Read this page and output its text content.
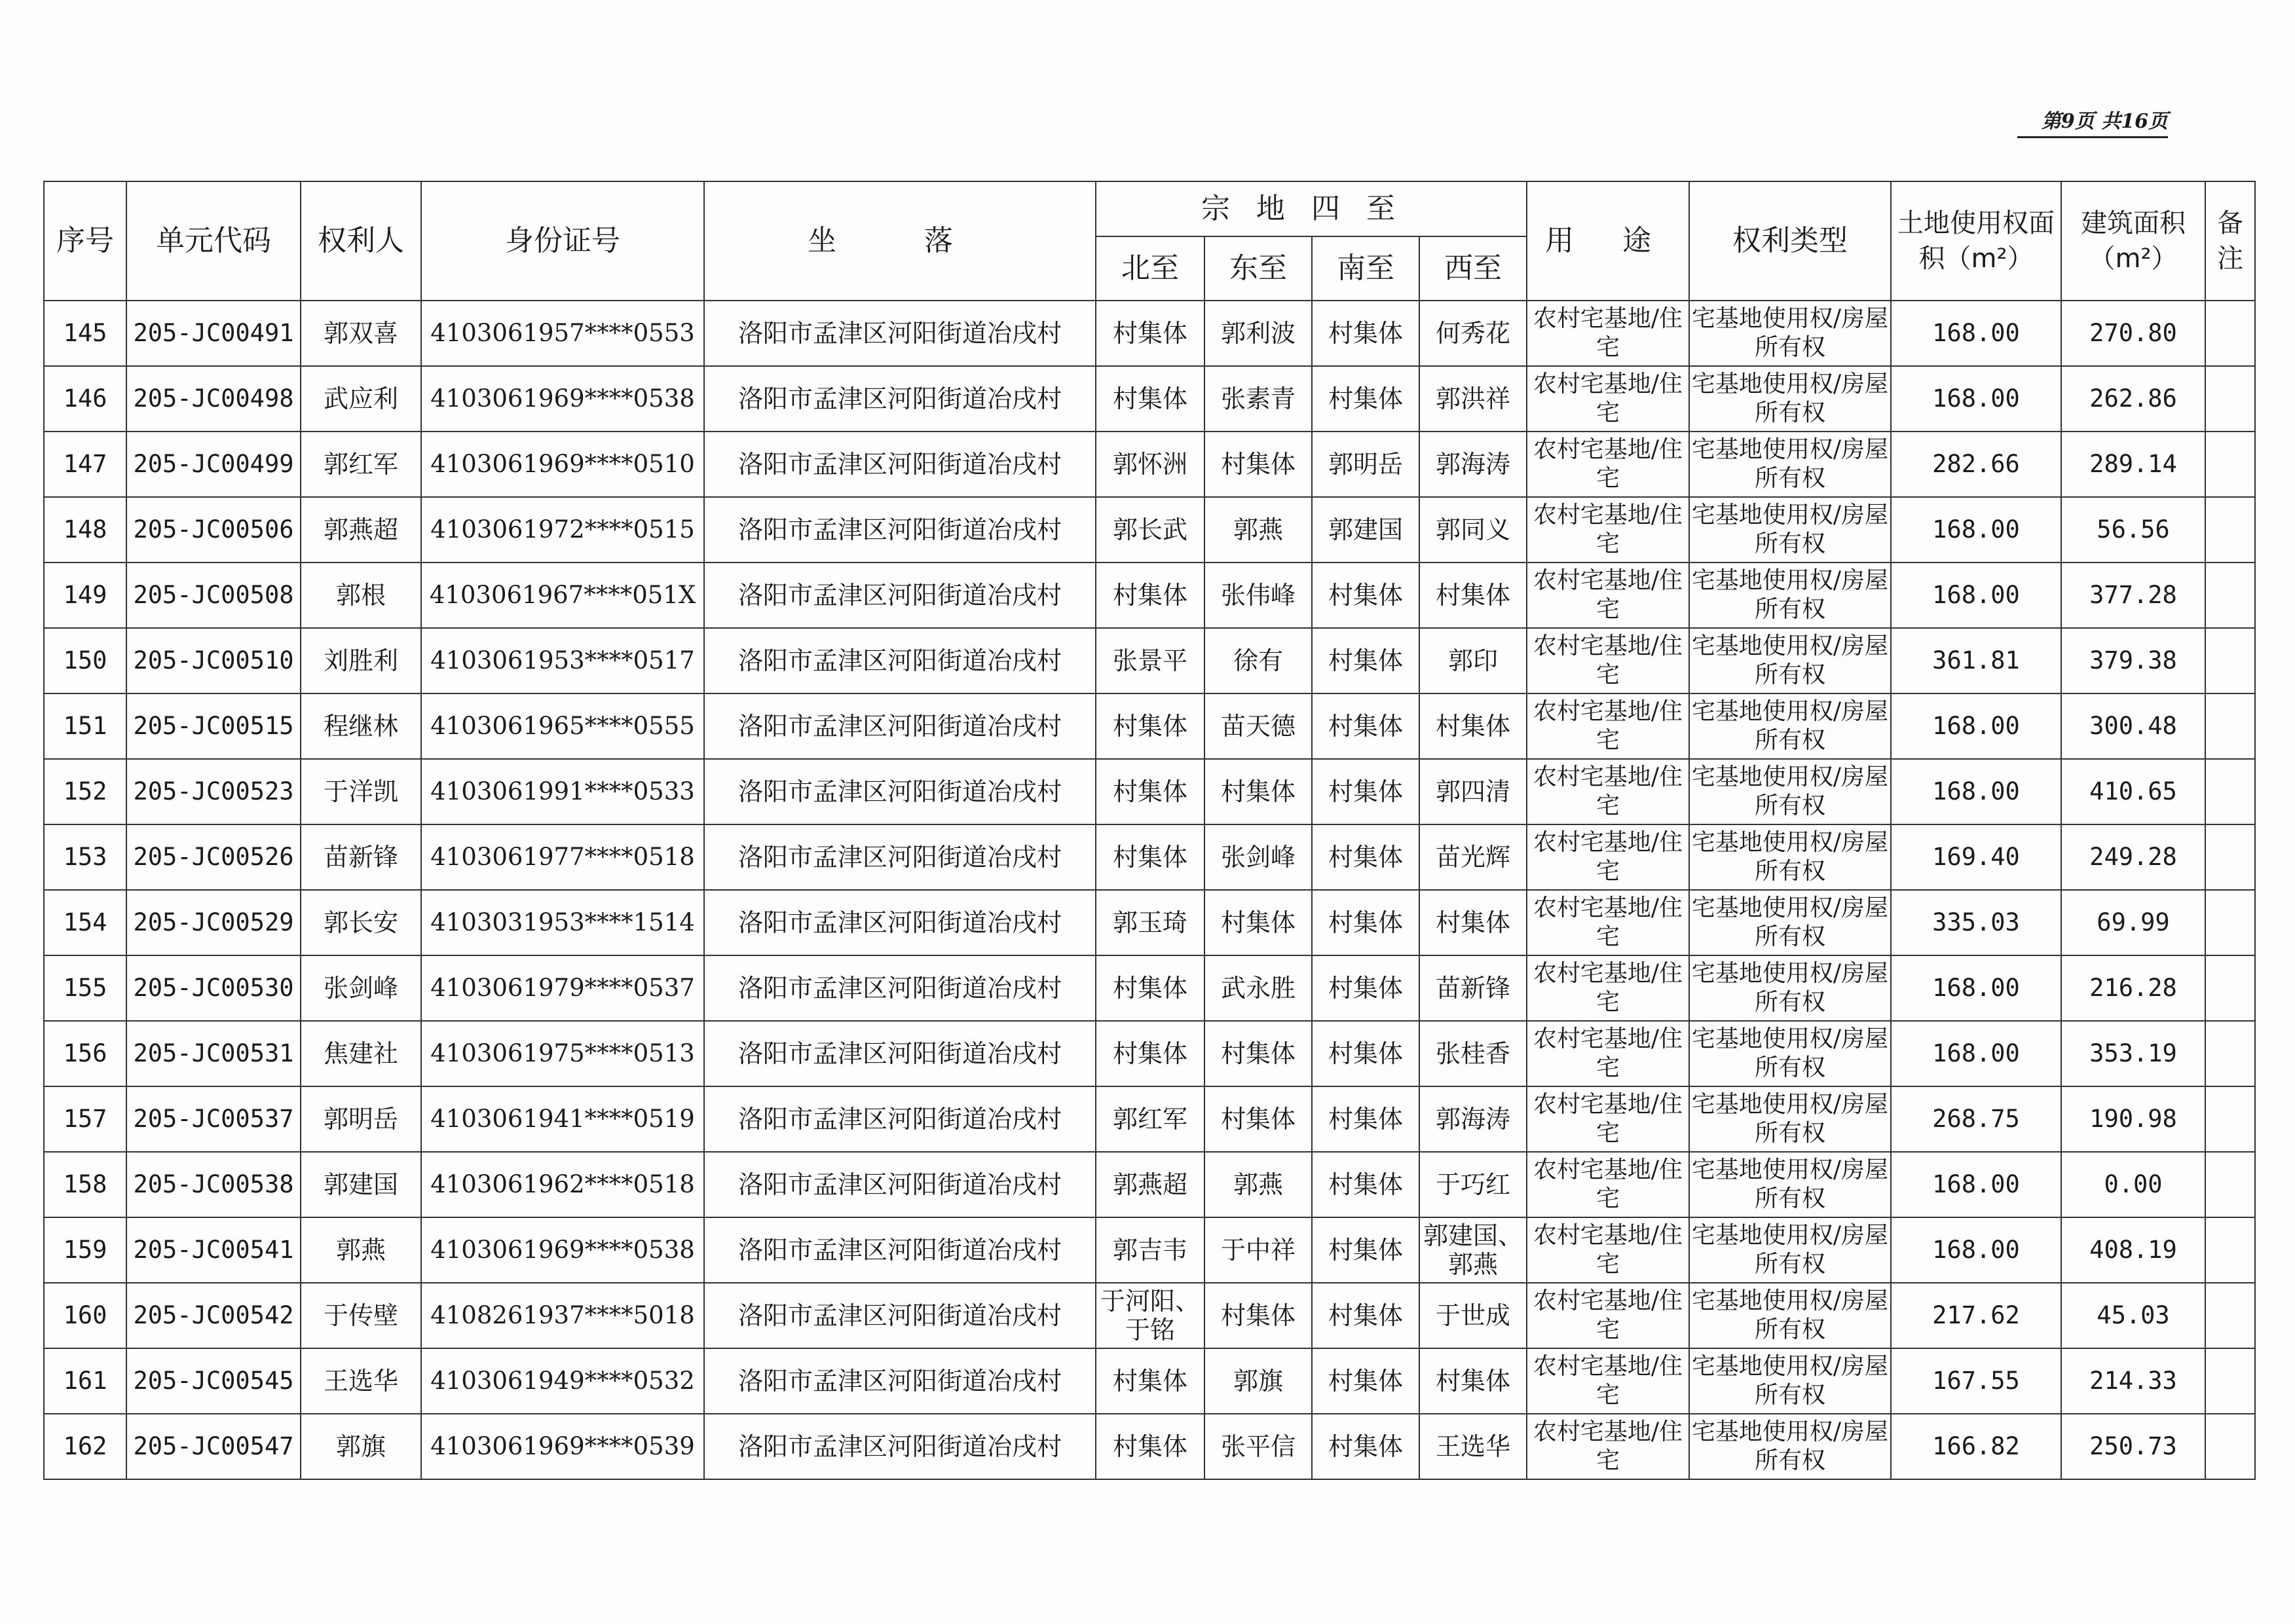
第9页 共16页
序号	单元代码	权利人	身份证号	坐 落	宗地四至				用 途	权利类型	土地使用权面积（m²）	建筑面积（m²）	备注
					北至	东至	南至	西至					
145	205-JC00491	郭双喜	4103061957****0553	洛阳市孟津区河阳街道冶戌村	村集体	郭利波	村集体	何秀花	农村宅基地/住宅	宅基地使用权/房屋所有权	168.00	270.80	
146	205-JC00498	武应利	4103061969****0538	洛阳市孟津区河阳街道冶戌村	村集体	张素青	村集体	郭洪祥	农村宅基地/住宅	宅基地使用权/房屋所有权	168.00	262.86	
147	205-JC00499	郭红军	4103061969****0510	洛阳市孟津区河阳街道冶戌村	郭怀洲	村集体	郭明岳	郭海涛	农村宅基地/住宅	宅基地使用权/房屋所有权	282.66	289.14	
148	205-JC00506	郭燕超	4103061972****0515	洛阳市孟津区河阳街道冶戌村	郭长武	郭燕	郭建国	郭同义	农村宅基地/住宅	宅基地使用权/房屋所有权	168.00	56.56	
149	205-JC00508	郭根	4103061967****051X	洛阳市孟津区河阳街道冶戌村	村集体	张伟峰	村集体	村集体	农村宅基地/住宅	宅基地使用权/房屋所有权	168.00	377.28	
150	205-JC00510	刘胜利	4103061953****0517	洛阳市孟津区河阳街道冶戌村	张景平	徐有	村集体	郭印	农村宅基地/住宅	宅基地使用权/房屋所有权	361.81	379.38	
151	205-JC00515	程继林	4103061965****0555	洛阳市孟津区河阳街道冶戌村	村集体	苗天德	村集体	村集体	农村宅基地/住宅	宅基地使用权/房屋所有权	168.00	300.48	
152	205-JC00523	于洋凯	4103061991****0533	洛阳市孟津区河阳街道冶戌村	村集体	村集体	村集体	郭四清	农村宅基地/住宅	宅基地使用权/房屋所有权	168.00	410.65	
153	205-JC00526	苗新锋	4103061977****0518	洛阳市孟津区河阳街道冶戌村	村集体	张剑峰	村集体	苗光辉	农村宅基地/住宅	宅基地使用权/房屋所有权	169.40	249.28	
154	205-JC00529	郭长安	4103031953****1514	洛阳市孟津区河阳街道冶戌村	郭玉琦	村集体	村集体	村集体	农村宅基地/住宅	宅基地使用权/房屋所有权	335.03	69.99	
155	205-JC00530	张剑峰	4103061979****0537	洛阳市孟津区河阳街道冶戌村	村集体	武永胜	村集体	苗新锋	农村宅基地/住宅	宅基地使用权/房屋所有权	168.00	216.28	
156	205-JC00531	焦建社	4103061975****0513	洛阳市孟津区河阳街道冶戌村	村集体	村集体	村集体	张桂香	农村宅基地/住宅	宅基地使用权/房屋所有权	168.00	353.19	
157	205-JC00537	郭明岳	4103061941****0519	洛阳市孟津区河阳街道冶戌村	郭红军	村集体	村集体	郭海涛	农村宅基地/住宅	宅基地使用权/房屋所有权	268.75	190.98	
158	205-JC00538	郭建国	4103061962****0518	洛阳市孟津区河阳街道冶戌村	郭燕超	郭燕	村集体	于巧红	农村宅基地/住宅	宅基地使用权/房屋所有权	168.00	0.00	
159	205-JC00541	郭燕	4103061969****0538	洛阳市孟津区河阳街道冶戌村	郭吉韦	于中祥	村集体	郭建国、郭燕	农村宅基地/住宅	宅基地使用权/房屋所有权	168.00	408.19	
160	205-JC00542	于传壁	4108261937****5018	洛阳市孟津区河阳街道冶戌村	于河阳、于铭	村集体	村集体	于世成	农村宅基地/住宅	宅基地使用权/房屋所有权	217.62	45.03	
161	205-JC00545	王选华	4103061949****0532	洛阳市孟津区河阳街道冶戌村	村集体	郭旗	村集体	村集体	农村宅基地/住宅	宅基地使用权/房屋所有权	167.55	214.33	
162	205-JC00547	郭旗	4103061969****0539	洛阳市孟津区河阳街道冶戌村	村集体	张平信	村集体	王选华	农村宅基地/住宅	宅基地使用权/房屋所有权	166.82	250.73	
